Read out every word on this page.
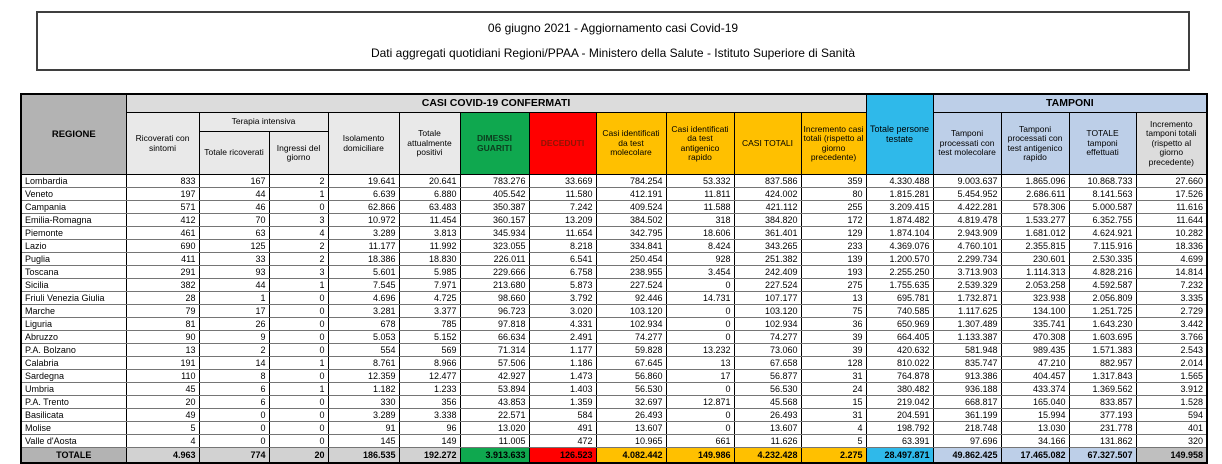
06 giugno 2021 - Aggiornamento casi Covid-19

Dati aggregati quotidiani Regioni/PPAA - Ministero della Salute - Istituto Superiore di Sanità

REGIONE	CASI COVID-19 CONFERMATI											Totale persone testate	TAMPONI			
	Ricoverati con sintomi	Terapia intensiva		Isolamento domiciliare	Totale attualmente positivi	DIMESSI GUARITI	DECEDUTI	Casi identificati da test molecolare	Casi identificati da test antigenico rapido	CASI TOTALI	Incremento casi totali (rispetto al giorno precedente)		Tamponi processati con test molecolare	Tamponi processati con test antigenico rapido	TOTALE tamponi effettuati	Incremento tamponi totali (rispetto al giorno precedente)
		Totale ricoverati	Ingressi del giorno													
Lombardia	833	167	2	19.641	20.641	783.276	33.669	784.254	53.332	837.586	359	4.330.488	9.003.637	1.865.096	10.868.733	27.660
Veneto	197	44	1	6.639	6.880	405.542	11.580	412.191	11.811	424.002	80	1.815.281	5.454.952	2.686.611	8.141.563	17.526
Campania	571	46	0	62.866	63.483	350.387	7.242	409.524	11.588	421.112	255	3.209.415	4.422.281	578.306	5.000.587	11.616
Emilia-Romagna	412	70	3	10.972	11.454	360.157	13.209	384.502	318	384.820	172	1.874.482	4.819.478	1.533.277	6.352.755	11.644
Piemonte	461	63	4	3.289	3.813	345.934	11.654	342.795	18.606	361.401	129	1.874.104	2.943.909	1.681.012	4.624.921	10.282
Lazio	690	125	2	11.177	11.992	323.055	8.218	334.841	8.424	343.265	233	4.369.076	4.760.101	2.355.815	7.115.916	18.336
Puglia	411	33	2	18.386	18.830	226.011	6.541	250.454	928	251.382	139	1.200.570	2.299.734	230.601	2.530.335	4.699
Toscana	291	93	3	5.601	5.985	229.666	6.758	238.955	3.454	242.409	193	2.255.250	3.713.903	1.114.313	4.828.216	14.814
Sicilia	382	44	1	7.545	7.971	213.680	5.873	227.524	0	227.524	275	1.755.635	2.539.329	2.053.258	4.592.587	7.232
Friuli Venezia Giulia	28	1	0	4.696	4.725	98.660	3.792	92.446	14.731	107.177	13	695.781	1.732.871	323.938	2.056.809	3.335
Marche	79	17	0	3.281	3.377	96.723	3.020	103.120	0	103.120	75	740.585	1.117.625	134.100	1.251.725	2.729
Liguria	81	26	0	678	785	97.818	4.331	102.934	0	102.934	36	650.969	1.307.489	335.741	1.643.230	3.442
Abruzzo	90	9	0	5.053	5.152	66.634	2.491	74.277	0	74.277	39	664.405	1.133.387	470.308	1.603.695	3.766
P.A. Bolzano	13	2	0	554	569	71.314	1.177	59.828	13.232	73.060	39	420.632	581.948	989.435	1.571.383	2.543
Calabria	191	14	1	8.761	8.966	57.506	1.186	67.645	13	67.658	128	810.022	835.747	47.210	882.957	2.014
Sardegna	110	8	0	12.359	12.477	42.927	1.473	56.860	17	56.877	31	764.878	913.386	404.457	1.317.843	1.565
Umbria	45	6	1	1.182	1.233	53.894	1.403	56.530	0	56.530	24	380.482	936.188	433.374	1.369.562	3.912
P.A. Trento	20	6	0	330	356	43.853	1.359	32.697	12.871	45.568	15	219.042	668.817	165.040	833.857	1.528
Basilicata	49	0	0	3.289	3.338	22.571	584	26.493	0	26.493	31	204.591	361.199	15.994	377.193	594
Molise	5	0	0	91	96	13.020	491	13.607	0	13.607	4	198.792	218.748	13.030	231.778	401
Valle d'Aosta	4	0	0	145	149	11.005	472	10.965	661	11.626	5	63.391	97.696	34.166	131.862	320
TOTALE	4.963	774	20	186.535	192.272	3.913.633	126.523	4.082.442	149.986	4.232.428	2.275	28.497.871	49.862.425	17.465.082	67.327.507	149.958
